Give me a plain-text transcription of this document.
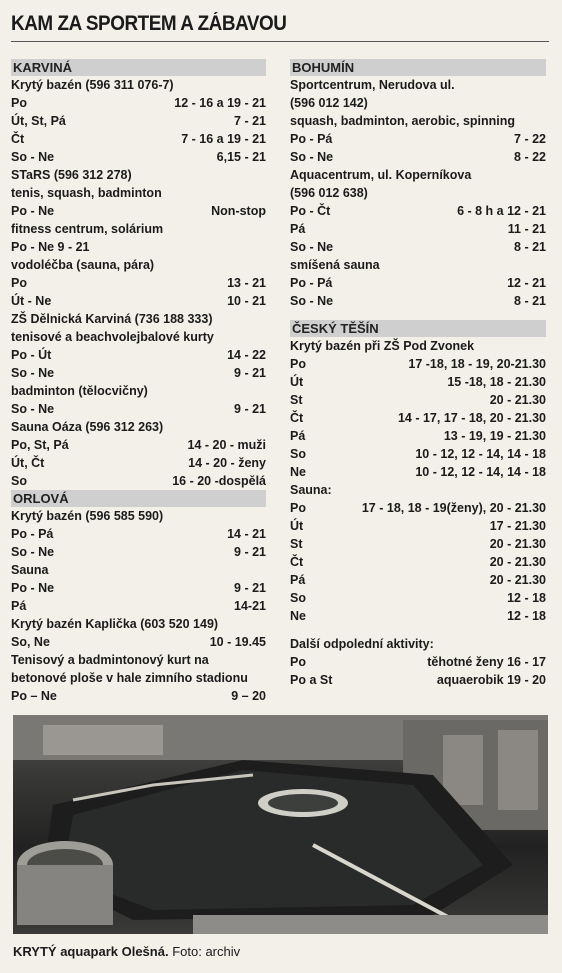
KAM ZA SPORTEM A ZÁBAVOU
KARVINÁ
Krytý bazén (596 311 076-7)
Po	12 - 16 a 19 - 21
Út, St, Pá	7 - 21
Čt	7 - 16 a 19 - 21
So - Ne	6,15 - 21
STaRS (596 312 278)
tenis, squash, badminton
Po - Ne	Non-stop
fitness centrum, solárium
Po - Ne 9 - 21
vodoléčba (sauna, pára)
Po	13 - 21
Út - Ne	10 - 21
ZŠ Dělnická Karviná (736 188 333) tenisové a beachvolejbalové kurty
Po - Út	14 - 22
So - Ne	9 - 21
badminton (tělocvičny)
So - Ne	9 - 21
Sauna Oáza (596 312 263)
Po, St, Pá	14 - 20 - muži
Út, Čt	14 - 20 - ženy
So	16 - 20 -dospělá
ORLOVÁ
Krytý bazén (596 585 590)
Po - Pá	14 - 21
So - Ne	9 - 21
Sauna
Po - Ne	9 - 21
Pá	14-21
Krytý bazén Kaplička (603 520 149)
So, Ne	10 - 19.45
Tenisový a badmintonový kurt na betonové ploše v hale zimního stadionu
Po – Ne	9 – 20
BOHUMÍN
Sportcentrum, Nerudova ul.
(596 012 142)
squash, badminton, aerobic, spinning
Po - Pá	7 - 22
So - Ne	8 - 22
Aquacentrum, ul. Koperníkova
(596 012 638)
Po - Čt	6 - 8 h a 12 - 21
Pá	11 - 21
So - Ne	8 - 21
smíšená sauna
Po - Pá	12 - 21
So - Ne	8 - 21
ČESKÝ TĚŠÍN
Krytý bazén při ZŠ Pod Zvonek
Po	17 -18, 18 - 19, 20-21.30
Út	15 -18, 18 - 21.30
St	20 - 21.30
Čt	14 - 17, 17 - 18, 20 - 21.30
Pá	13 - 19, 19 - 21.30
So	10 - 12, 12 - 14, 14 - 18
Ne	10 - 12, 12 - 14, 14 - 18
Sauna:
Po	17 - 18, 18 - 19(ženy), 20 - 21.30
Út	17 - 21.30
St	20 - 21.30
Čt	20 - 21.30
Pá	20 - 21.30
So	12 - 18
Ne	12 - 18
Další odpolední aktivity:
Po	těhotné ženy 16 - 17
Po a St	aquaerobik 19 - 20
KRYTÝ aquapark Olešná. Foto: archiv
